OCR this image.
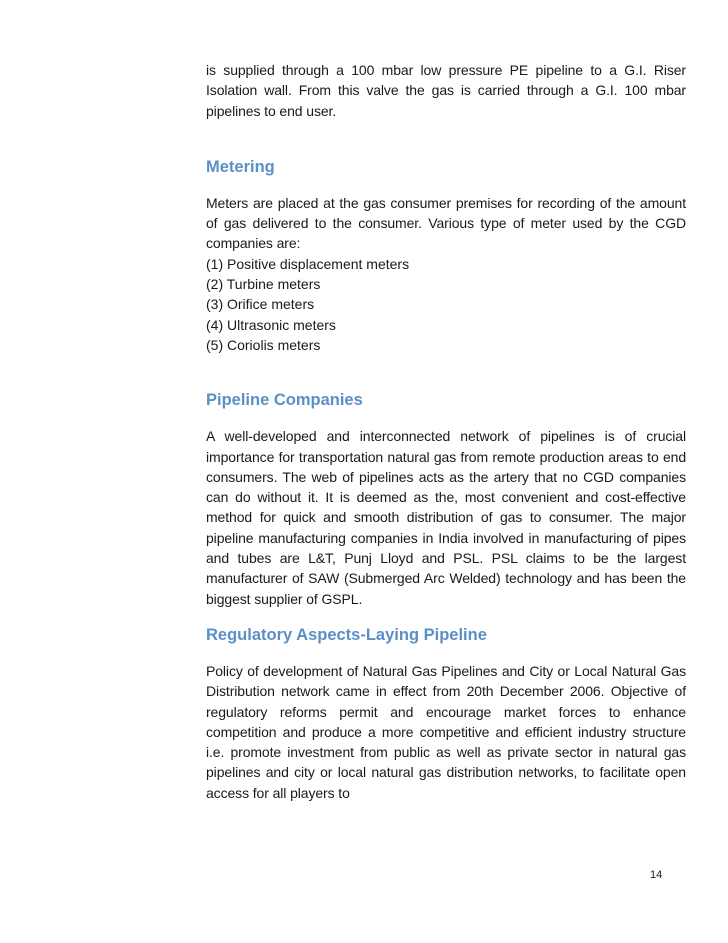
is supplied through a 100 mbar low pressure PE pipeline to a G.I. Riser Isolation wall. From this valve the gas is carried through a G.I. 100 mbar pipelines to end user.

Metering

Meters are placed at the gas consumer premises for recording of the amount of gas delivered to the consumer. Various type of meter used by the CGD companies are:

(1) Positive displacement meters
(2) Turbine meters
(3) Orifice meters
(4) Ultrasonic meters
(5) Coriolis meters
Pipeline Companies

A well-developed and interconnected network of pipelines is of crucial importance for transportation natural gas from remote production areas to end consumers. The web of pipelines acts as the artery that no CGD companies can do without it. It is deemed as the, most convenient and cost-effective method for quick and smooth distribution of gas to consumer. The major pipeline manufacturing companies in India involved in manufacturing of pipes and tubes are L&T, Punj Lloyd and PSL. PSL claims to be the largest manufacturer of SAW (Submerged Arc Welded) technology and has been the biggest supplier of GSPL.

Regulatory Aspects-Laying Pipeline

Policy of development of Natural Gas Pipelines and City or Local Natural Gas Distribution network came in effect from 20th December 2006. Objective of regulatory reforms permit and encourage market forces to enhance competition and produce a more competitive and efficient industry structure i.e. promote investment from public as well as private sector in natural gas pipelines and city or local natural gas distribution networks, to facilitate open access for all players to

14
